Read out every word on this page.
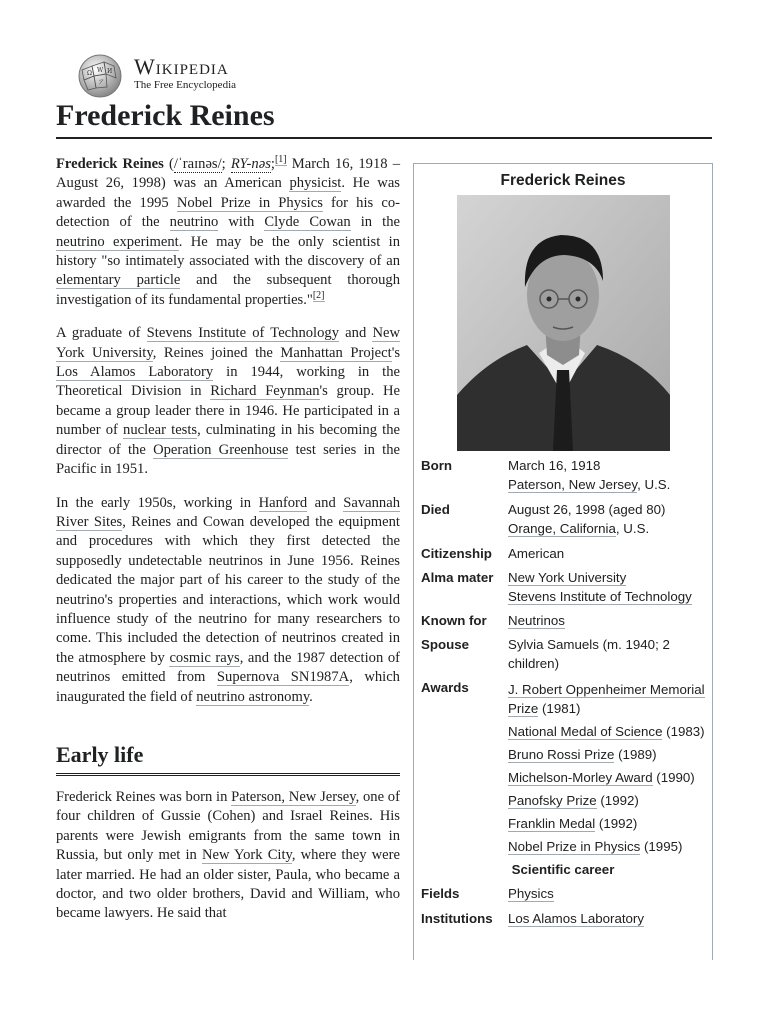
Ω W И
ア
Wikipedia
The Free Encyclopedia
Frederick Reines

Frederick Reines (/ˈraɪnəs/; RY-nəs;[1] March 16, 1918 – August 26, 1998) was an American physicist. He was awarded the 1995 Nobel Prize in Physics for his co-detection of the neutrino with Clyde Cowan in the neutrino experiment. He may be the only scientist in history "so intimately associated with the discovery of an elementary particle and the subsequent thorough investigation of its fundamental properties."[2]

A graduate of Stevens Institute of Technology and New York University, Reines joined the Manhattan Project's Los Alamos Laboratory in 1944, working in the Theoretical Division in Richard Feynman's group. He became a group leader there in 1946. He participated in a number of nuclear tests, culminating in his becoming the director of the Operation Greenhouse test series in the Pacific in 1951.

In the early 1950s, working in Hanford and Savannah River Sites, Reines and Cowan developed the equipment and procedures with which they first detected the supposedly undetectable neutrinos in June 1956. Reines dedicated the major part of his career to the study of the neutrino's properties and interactions, which work would influence study of the neutrino for many researchers to come. This included the detection of neutrinos created in the atmosphere by cosmic rays, and the 1987 detection of neutrinos emitted from Supernova SN1987A, which inaugurated the field of neutrino astronomy.

Early life

Frederick Reines was born in Paterson, New Jersey, one of four children of Gussie (Cohen) and Israel Reines. His parents were Jewish emigrants from the same town in Russia, but only met in New York City, where they were later married. He had an older sister, Paula, who became a doctor, and two older brothers, David and William, who became lawyers. He said that

Frederick Reines
Born	March 16, 1918
Paterson, New Jersey, U.S.
Died	August 26, 1998 (aged 80)
Orange, California, U.S.
Citizenship	American
Alma mater	New York University
Stevens Institute of Technology
Known for	Neutrinos
Spouse	Sylvia Samuels (m. 1940; 2 children)
Awards	J. Robert Oppenheimer Memorial Prize (1981)
National Medal of Science (1983)
Bruno Rossi Prize (1989)
Michelson-Morley Award (1990)
Panofsky Prize (1992)
Franklin Medal (1992)
Nobel Prize in Physics (1995)
Scientific career
Fields	Physics
Institutions	Los Alamos Laboratory
